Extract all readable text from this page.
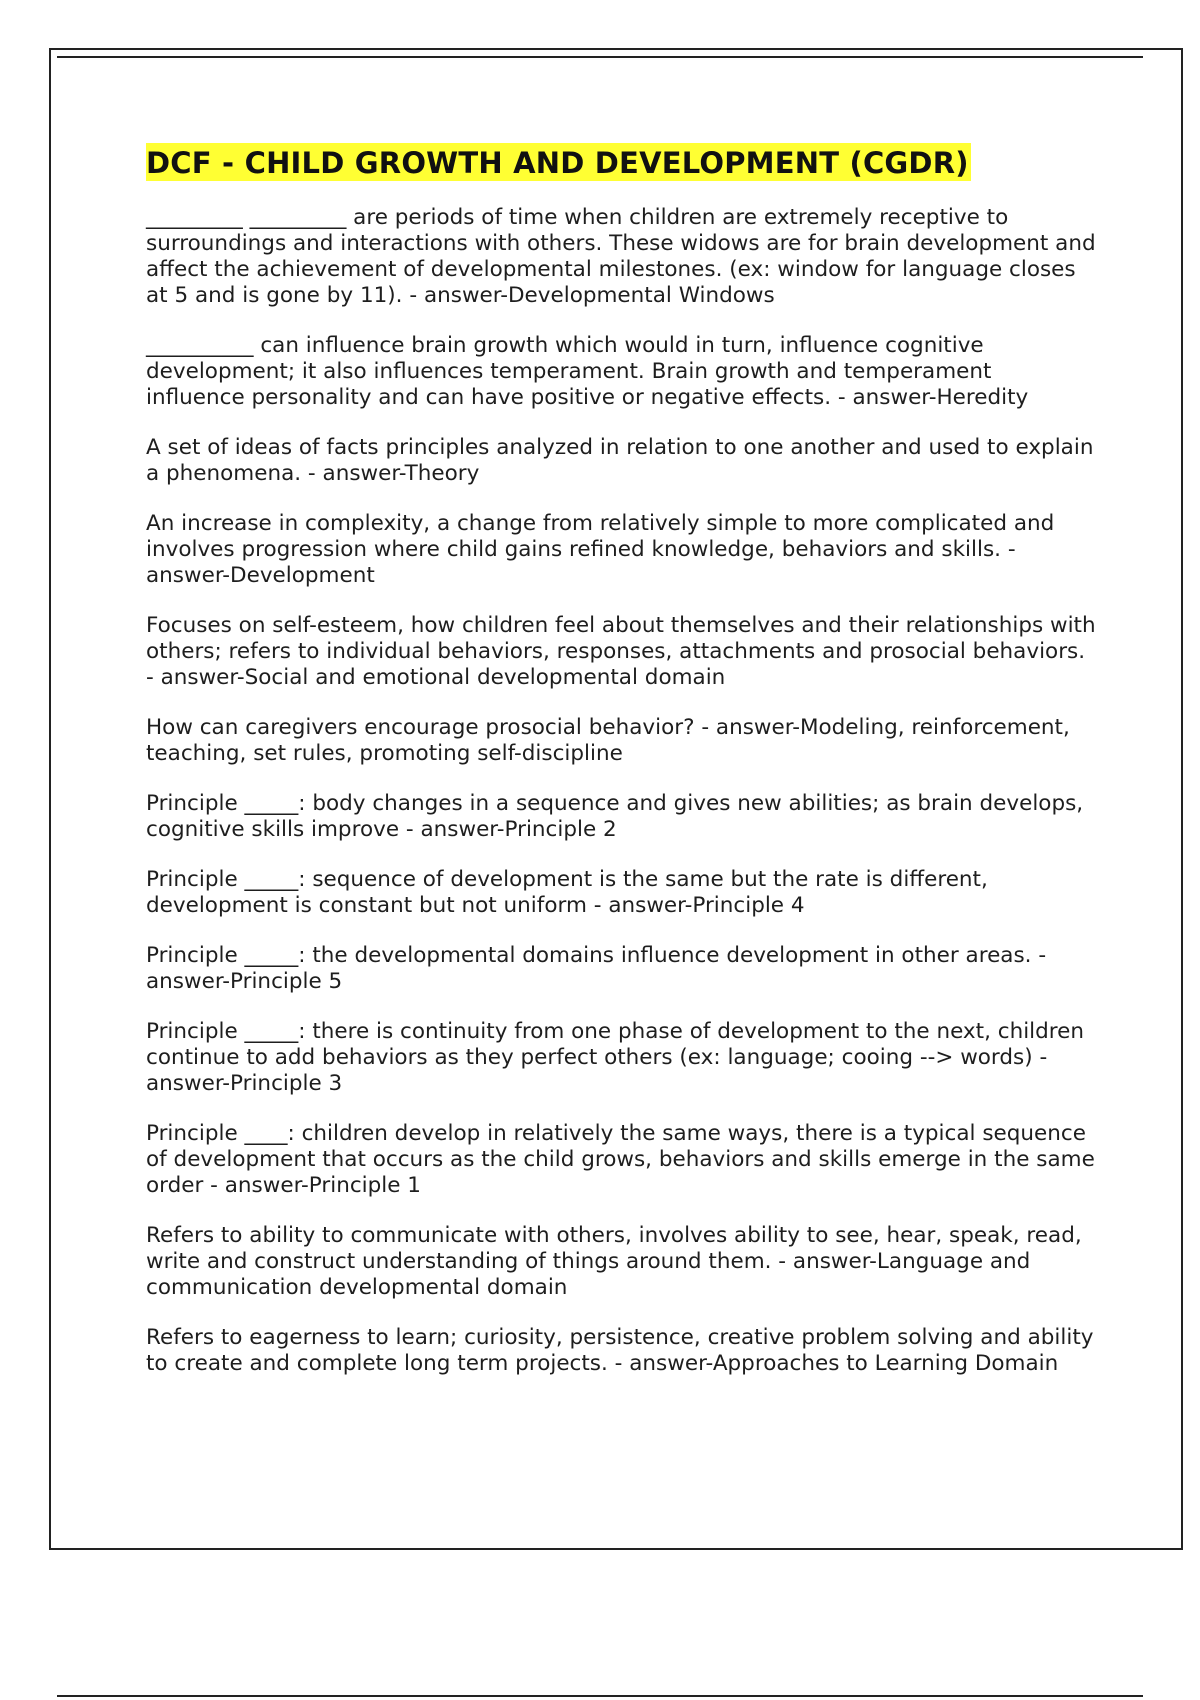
DCF - CHILD GROWTH AND DEVELOPMENT (CGDR)

_________ _________ are periods of time when children are extremely receptive to surroundings and interactions with others. These widows are for brain development and affect the achievement of developmental milestones. (ex: window for language closes at 5 and is gone by 11). - answer-Developmental Windows

__________ can influence brain growth which would in turn, influence cognitive development; it also influences temperament. Brain growth and temperament influence personality and can have positive or negative effects. - answer-Heredity

A set of ideas of facts principles analyzed in relation to one another and used to explain a phenomena. - answer-Theory

An increase in complexity, a change from relatively simple to more complicated and involves progression where child gains refined knowledge, behaviors and skills. - answer-Development

Focuses on self-esteem, how children feel about themselves and their relationships with others; refers to individual behaviors, responses, attachments and prosocial behaviors. - answer-Social and emotional developmental domain

How can caregivers encourage prosocial behavior? - answer-Modeling, reinforcement, teaching, set rules, promoting self-discipline

Principle _____: body changes in a sequence and gives new abilities; as brain develops, cognitive skills improve - answer-Principle 2

Principle _____: sequence of development is the same but the rate is different, development is constant but not uniform - answer-Principle 4

Principle _____: the developmental domains influence development in other areas. - answer-Principle 5

Principle _____: there is continuity from one phase of development to the next, children continue to add behaviors as they perfect others (ex: language; cooing --> words) - answer-Principle 3

Principle ____: children develop in relatively the same ways, there is a typical sequence of development that occurs as the child grows, behaviors and skills emerge in the same order - answer-Principle 1

Refers to ability to communicate with others, involves ability to see, hear, speak, read, write and construct understanding of things around them. - answer-Language and communication developmental domain

Refers to eagerness to learn; curiosity, persistence, creative problem solving and ability to create and complete long term projects. - answer-Approaches to Learning Domain
